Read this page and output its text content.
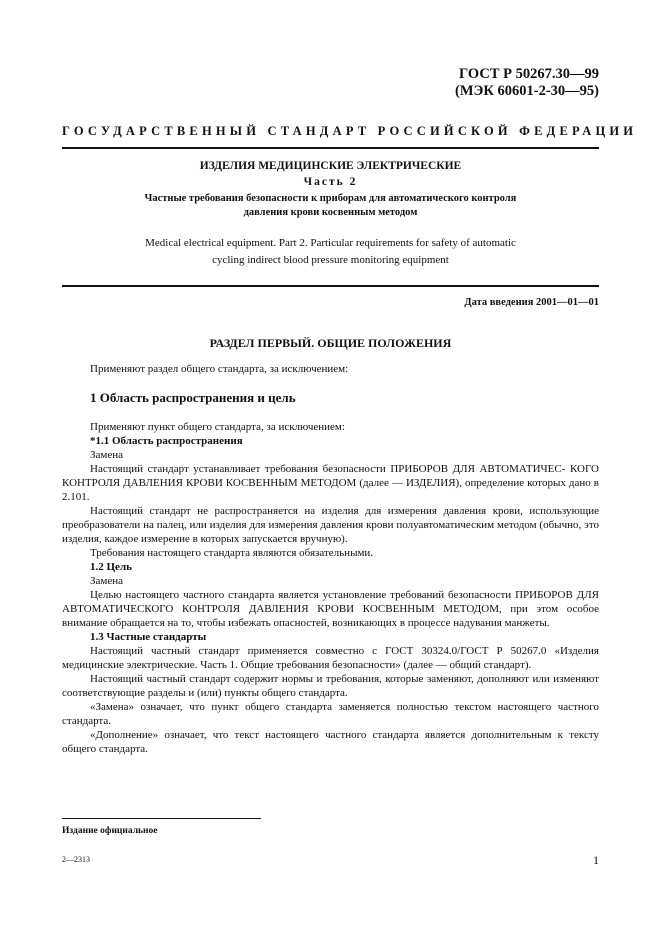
ГОСТ Р 50267.30—99
(МЭК 60601-2-30—95)
ГОСУДАРСТВЕННЫЙ СТАНДАРТ РОССИЙСКОЙ ФЕДЕРАЦИИ
ИЗДЕЛИЯ МЕДИЦИНСКИЕ ЭЛЕКТРИЧЕСКИЕ
Часть 2
Частные требования безопасности к приборам для автоматического контроля
давления крови косвенным методом
Medical electrical equipment. Part 2. Particular requirements for safety of automatic
cycling indirect blood pressure monitoring equipment
Дата введения 2001—01—01
РАЗДЕЛ ПЕРВЫЙ. ОБЩИЕ ПОЛОЖЕНИЯ
Применяют раздел общего стандарта, за исключением:
1 Область распространения и цель

Применяют пункт общего стандарта, за исключением:

*1.1 Область распространения

Замена

Настоящий стандарт устанавливает требования безопасности ПРИБОРОВ ДЛЯ АВТОМАТИЧЕС- КОГО КОНТРОЛЯ ДАВЛЕНИЯ КРОВИ КОСВЕННЫМ МЕТОДОМ (далее — ИЗДЕЛИЯ), определение которых дано в 2.101.

Настоящий стандарт не распространяется на изделия для измерения давления крови, использующие преобразователи на палец, или изделия для измерения давления крови полуавтоматическим методом (обычно, это изделия, каждое измерение в которых запускается вручную).

Требования настоящего стандарта являются обязательными.

1.2 Цель

Замена

Целью настоящего частного стандарта является установление требований безопасности ПРИБОРОВ ДЛЯ АВТОМАТИЧЕСКОГО КОНТРОЛЯ ДАВЛЕНИЯ КРОВИ КОСВЕННЫМ МЕТОДОМ, при этом особое внимание обращается на то, чтобы избежать опасностей, возникающих в процессе надувания манжеты.

1.3 Частные стандарты

Настоящий частный стандарт применяется совместно с ГОСТ 30324.0/ГОСТ Р 50267.0 «Изделия медицинские электрические. Часть 1. Общие требования безопасности» (далее — общий стандарт).

Настоящий частный стандарт содержит нормы и требования, которые заменяют, дополняют или изменяют соответствующие разделы и (или) пункты общего стандарта.

«Замена» означает, что пункт общего стандарта заменяется полностью текстом настоящего частного стандарта.

«Дополнение» означает, что текст настоящего частного стандарта является дополнительным к тексту общего стандарта.

Издание официальное
2—2313	1
